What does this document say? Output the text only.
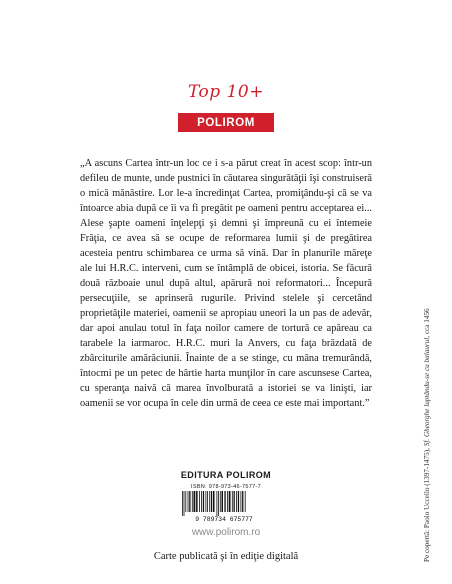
Top 10+
POLIROM

„A ascuns Cartea într-un loc ce i s-a părut creat în acest scop: într-un defileu de munte, unde pustnici în căutarea singurătăţii îşi construiseră o mică mănăstire. Lor le-a încredinţat Cartea, promiţându-şi că se va întoarce abia după ce îi va fi pregătit pe oameni pentru acceptarea ei... Alese şapte oameni înţelepţi şi demni şi împreună cu ei întemeie Frăţia, ce avea să se ocupe de reformarea lumii şi de pregătirea acesteia pentru schimbarea ce urma să vină. Dar în planurile măreţe ale lui H.R.C. interveni, cum se întâmplă de obicei, istoria. Se făcură două războaie unul după altul, apărură noi reformatori... Începură persecuţiile, se aprinseră rugurile. Privind stelele şi cercetând proprietăţile materiei, oamenii se apropiau uneori la un pas de adevăr, dar apoi anulau totul în faţa noilor camere de tortură ce apăreau ca tarabele la iarmaroc. H.R.C. muri la Anvers, cu faţa brăzdată de zbârciturile amărăciunii. Înainte de a se stinge, cu mâna tremurândă, întocmi pe un petec de hârtie harta munţilor în care ascunsese Cartea, cu speranţa naivă că marea învolburată a istoriei se va linişti, iar oamenii se vor ocupa în cele din urmă de ceea ce este mai important.”

EDITURA POLIROM
ISBN: 978-973-46-7577-7
9 789734 675777
www.polirom.ro
Carte publicată şi în ediţie digitală	Pe copertă: Paolo Uccello (1397-1475), Sf. Gheorghe luptându-se cu balaurul, cca 1456
